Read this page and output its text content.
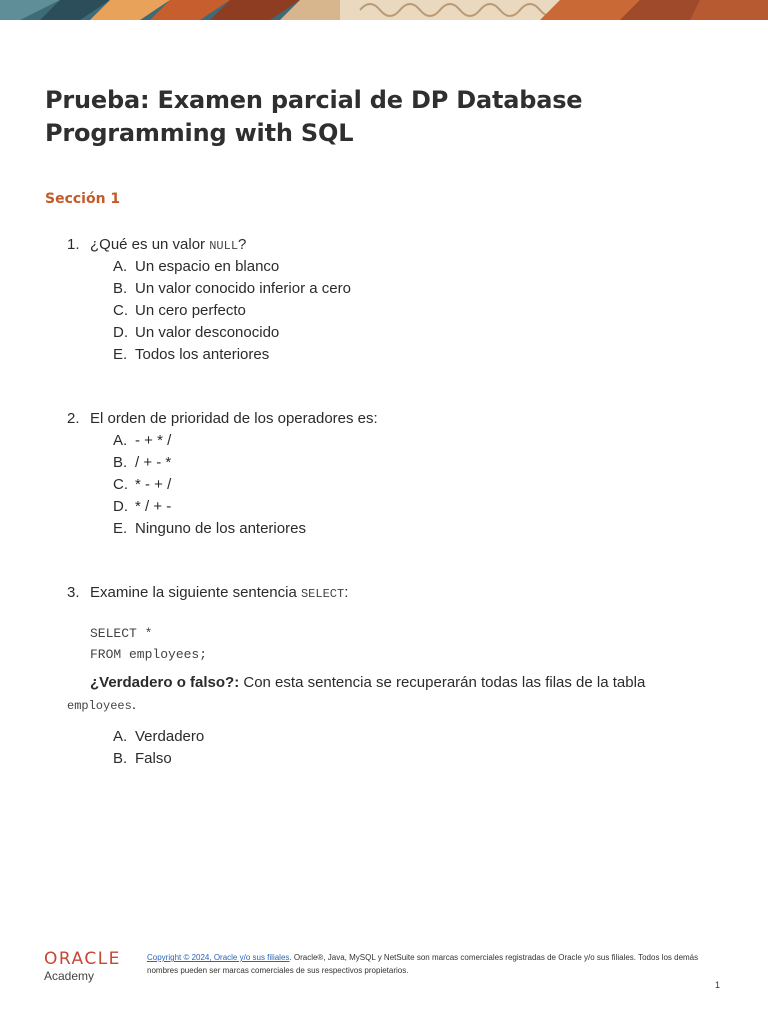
Prueba: Examen parcial de DP Database Programming with SQL
Sección 1
1. ¿Qué es un valor NULL?
A. Un espacio en blanco
B. Un valor conocido inferior a cero
C. Un cero perfecto
D. Un valor desconocido
E. Todos los anteriores
2. El orden de prioridad de los operadores es:
A. - + * /
B. / + - *
C. * - + /
D. * / + -
E. Ninguno de los anteriores
3. Examine la siguiente sentencia SELECT:
SELECT *
FROM employees;
¿Verdadero o falso?: Con esta sentencia se recuperarán todas las filas de la tabla
employees.
A. Verdadero
B. Falso
ORACLE
Academy
Copyright © 2024, Oracle y/o sus filiales. Oracle®, Java, MySQL y NetSuite son marcas comerciales registradas de Oracle y/o sus filiales. Todos los demás nombres pueden ser marcas comerciales de sus respectivos propietarios.
1
